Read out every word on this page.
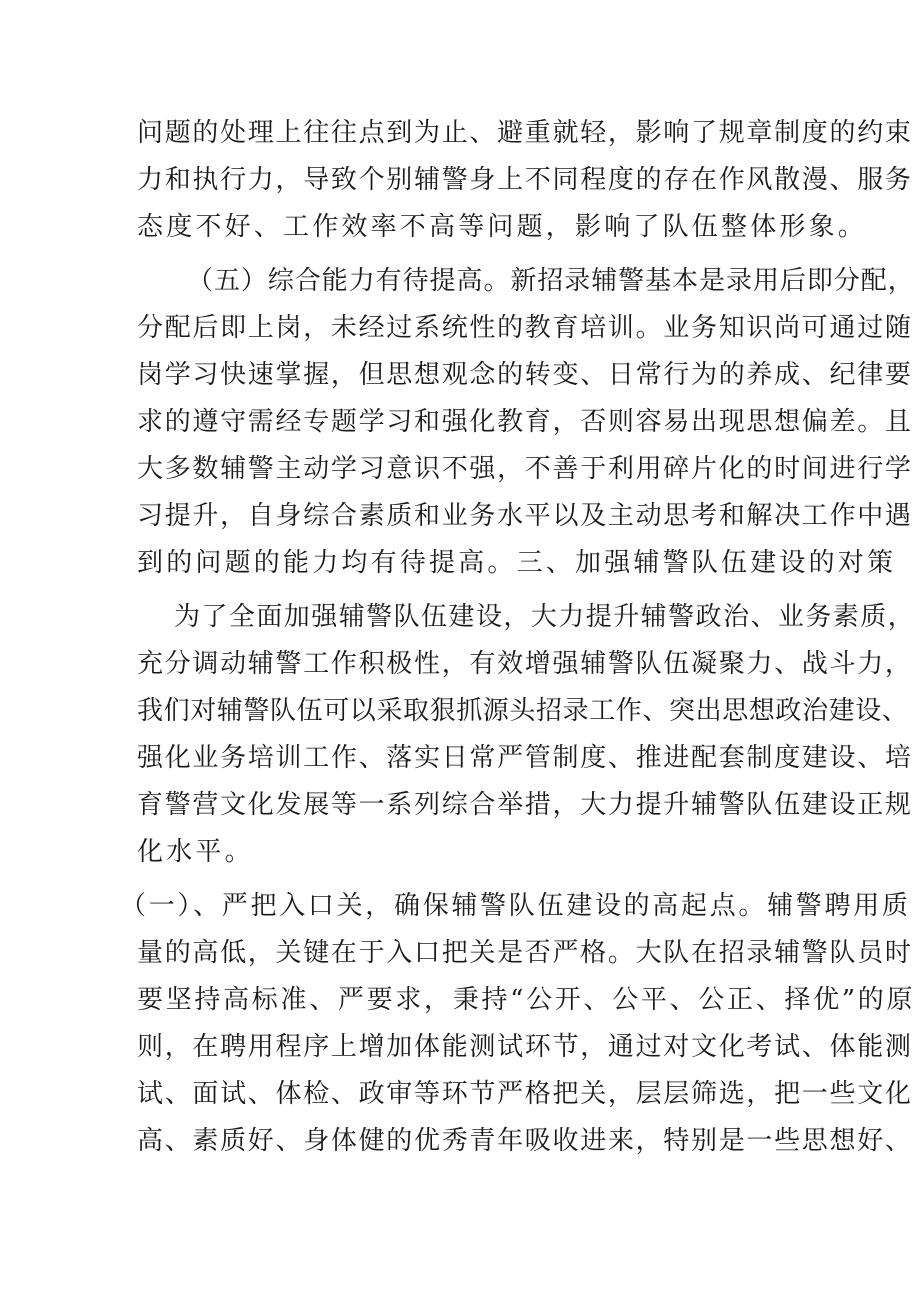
问题的处理上往往点到为止、避重就轻，影响了规章制度的约束
力和执行力，导致个别辅警身上不同程度的存在作风散漫、服务
态度不好、工作效率不高等问题，影响了队伍整体形象。
（五）综合能力有待提高。新招录辅警基本是录用后即分配，
分配后即上岗，未经过系统性的教育培训。业务知识尚可通过随
岗学习快速掌握，但思想观念的转变、日常行为的养成、纪律要
求的遵守需经专题学习和强化教育，否则容易出现思想偏差。且
大多数辅警主动学习意识不强，不善于利用碎片化的时间进行学
习提升，自身综合素质和业务水平以及主动思考和解决工作中遇
到的问题的能力均有待提高。三、加强辅警队伍建设的对策
为了全面加强辅警队伍建设，大力提升辅警政治、业务素质，
充分调动辅警工作积极性，有效增强辅警队伍凝聚力、战斗力，
我们对辅警队伍可以采取狠抓源头招录工作、突出思想政治建设、
强化业务培训工作、落实日常严管制度、推进配套制度建设、培
育警营文化发展等一系列综合举措，大力提升辅警队伍建设正规
化水平。
（一）、严把入口关，确保辅警队伍建设的高起点。辅警聘用质
量的高低，关键在于入口把关是否严格。大队在招录辅警队员时
要坚持高标准、严要求，秉持“公开、公平、公正、择优”的原
则，在聘用程序上增加体能测试环节，通过对文化考试、体能测
试、面试、体检、政审等环节严格把关，层层筛选，把一些文化
高、素质好、身体健的优秀青年吸收进来，特别是一些思想好、
